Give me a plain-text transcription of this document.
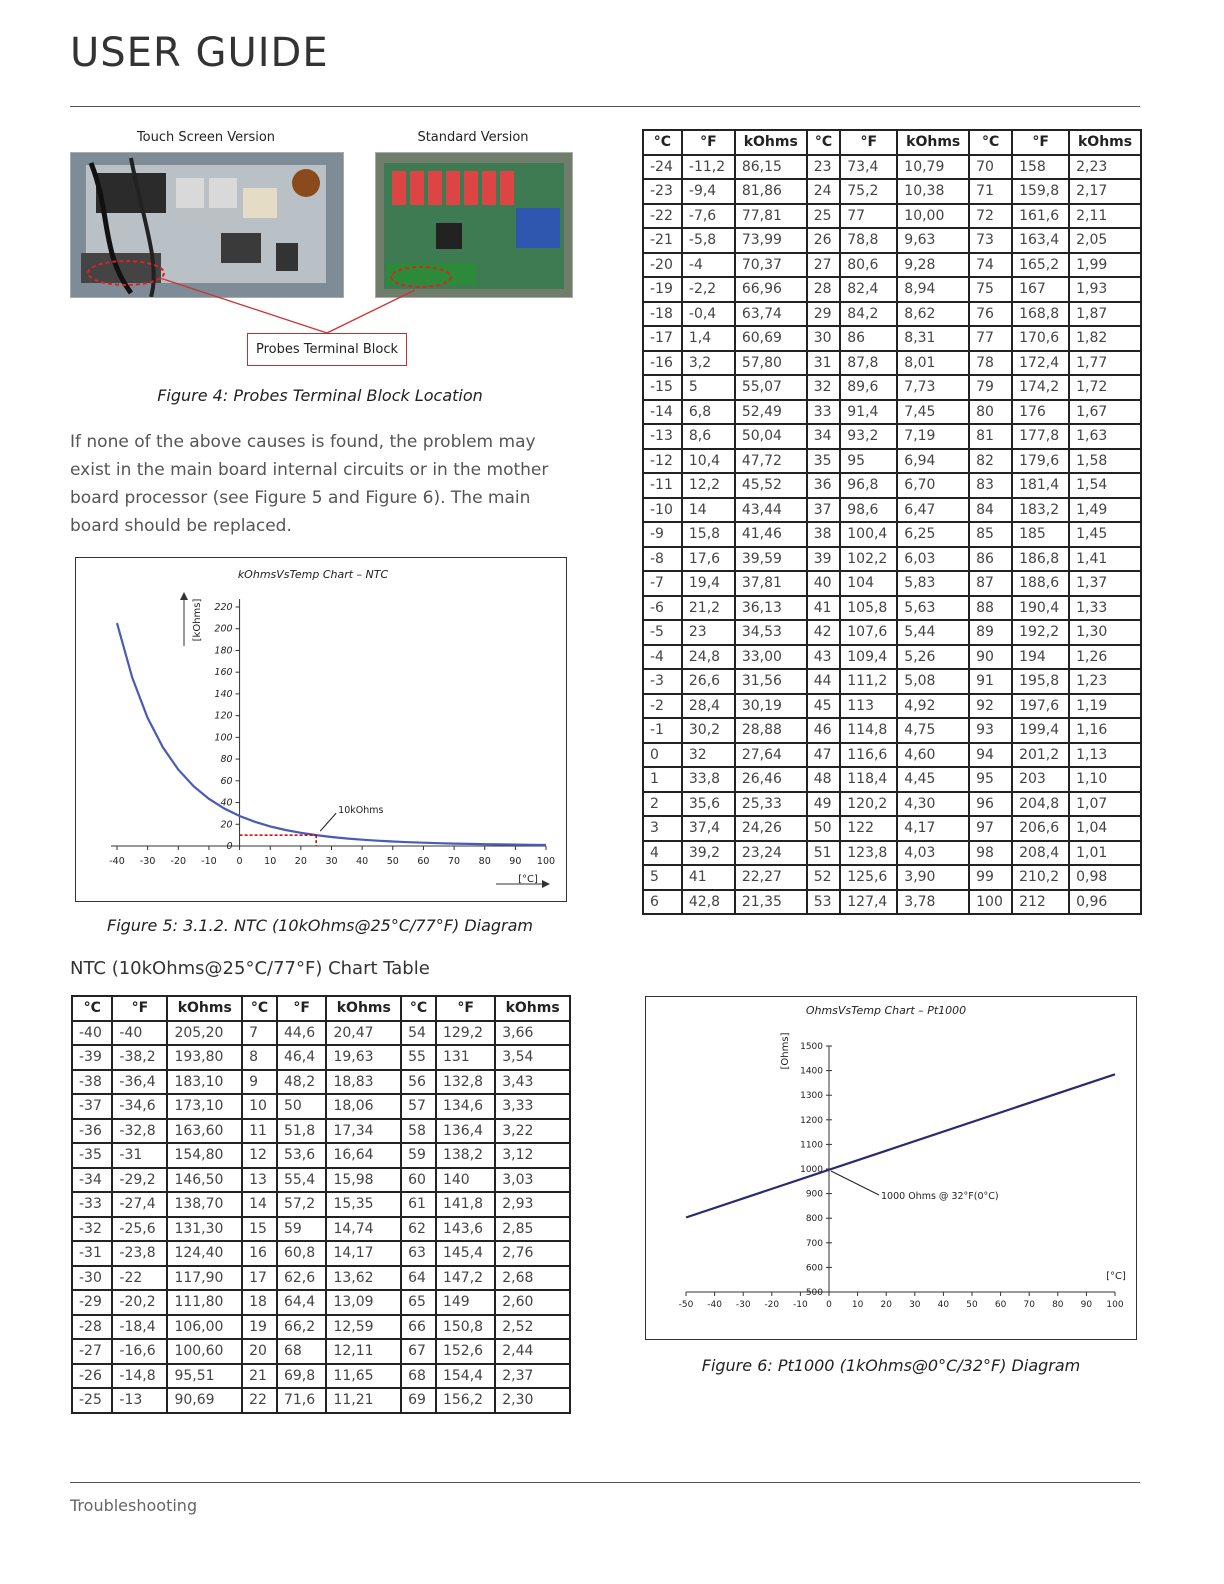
USER GUIDE
Touch Screen Version	Standard Version
Probes Terminal Block
Figure 4: Probes Terminal Block Location

If none of the above causes is found, the problem may exist in the main board internal circuits or in the mother board processor (see Figure 5 and Figure 6). The main board should be replaced.

kOhmsVsTemp Chart – NTC
-40 -30 -20 -10 0 10 20 30 40 50 60 70 80 90 100
0
20
40
60
80
100
120
140
160
180
200
220
[kOhms]
[°C]
10kOhms
Figure 5: 3.1.2. NTC (10kOhms@25°C/77°F) Diagram
NTC (10kOhms@25°C/77°F) Chart Table
°C	°F	kOhms	°C	°F	kOhms	°C	°F	kOhms
-40	-40	205,20	7	44,6	20,47	54	129,2	3,66
-39	-38,2	193,80	8	46,4	19,63	55	131	3,54
-38	-36,4	183,10	9	48,2	18,83	56	132,8	3,43
-37	-34,6	173,10	10	50	18,06	57	134,6	3,33
-36	-32,8	163,60	11	51,8	17,34	58	136,4	3,22
-35	-31	154,80	12	53,6	16,64	59	138,2	3,12
-34	-29,2	146,50	13	55,4	15,98	60	140	3,03
-33	-27,4	138,70	14	57,2	15,35	61	141,8	2,93
-32	-25,6	131,30	15	59	14,74	62	143,6	2,85
-31	-23,8	124,40	16	60,8	14,17	63	145,4	2,76
-30	-22	117,90	17	62,6	13,62	64	147,2	2,68
-29	-20,2	111,80	18	64,4	13,09	65	149	2,60
-28	-18,4	106,00	19	66,2	12,59	66	150,8	2,52
-27	-16,6	100,60	20	68	12,11	67	152,6	2,44
-26	-14,8	95,51	21	69,8	11,65	68	154,4	2,37
-25	-13	90,69	22	71,6	11,21	69	156,2	2,30
°C	°F	kOhms	°C	°F	kOhms	°C	°F	kOhms
-24	-11,2	86,15	23	73,4	10,79	70	158	2,23
-23	-9,4	81,86	24	75,2	10,38	71	159,8	2,17
-22	-7,6	77,81	25	77	10,00	72	161,6	2,11
-21	-5,8	73,99	26	78,8	9,63	73	163,4	2,05
-20	-4	70,37	27	80,6	9,28	74	165,2	1,99
-19	-2,2	66,96	28	82,4	8,94	75	167	1,93
-18	-0,4	63,74	29	84,2	8,62	76	168,8	1,87
-17	1,4	60,69	30	86	8,31	77	170,6	1,82
-16	3,2	57,80	31	87,8	8,01	78	172,4	1,77
-15	5	55,07	32	89,6	7,73	79	174,2	1,72
-14	6,8	52,49	33	91,4	7,45	80	176	1,67
-13	8,6	50,04	34	93,2	7,19	81	177,8	1,63
-12	10,4	47,72	35	95	6,94	82	179,6	1,58
-11	12,2	45,52	36	96,8	6,70	83	181,4	1,54
-10	14	43,44	37	98,6	6,47	84	183,2	1,49
-9	15,8	41,46	38	100,4	6,25	85	185	1,45
-8	17,6	39,59	39	102,2	6,03	86	186,8	1,41
-7	19,4	37,81	40	104	5,83	87	188,6	1,37
-6	21,2	36,13	41	105,8	5,63	88	190,4	1,33
-5	23	34,53	42	107,6	5,44	89	192,2	1,30
-4	24,8	33,00	43	109,4	5,26	90	194	1,26
-3	26,6	31,56	44	111,2	5,08	91	195,8	1,23
-2	28,4	30,19	45	113	4,92	92	197,6	1,19
-1	30,2	28,88	46	114,8	4,75	93	199,4	1,16
0	32	27,64	47	116,6	4,60	94	201,2	1,13
1	33,8	26,46	48	118,4	4,45	95	203	1,10
2	35,6	25,33	49	120,2	4,30	96	204,8	1,07
3	37,4	24,26	50	122	4,17	97	206,6	1,04
4	39,2	23,24	51	123,8	4,03	98	208,4	1,01
5	41	22,27	52	125,6	3,90	99	210,2	0,98
6	42,8	21,35	53	127,4	3,78	100	212	0,96
OhmsVsTemp Chart – Pt1000
-50 -40 -30 -20 -10 0 10 20 30 40 50 60 70 80 90 100
500
600
700
800
900
1000
1100
1200
1300
1400
1500
[Ohms]
[°C]
1000 Ohms @ 32°F(0°C)
Figure 6: Pt1000 (1kOhms@0°C/32°F) Diagram
Troubleshooting
